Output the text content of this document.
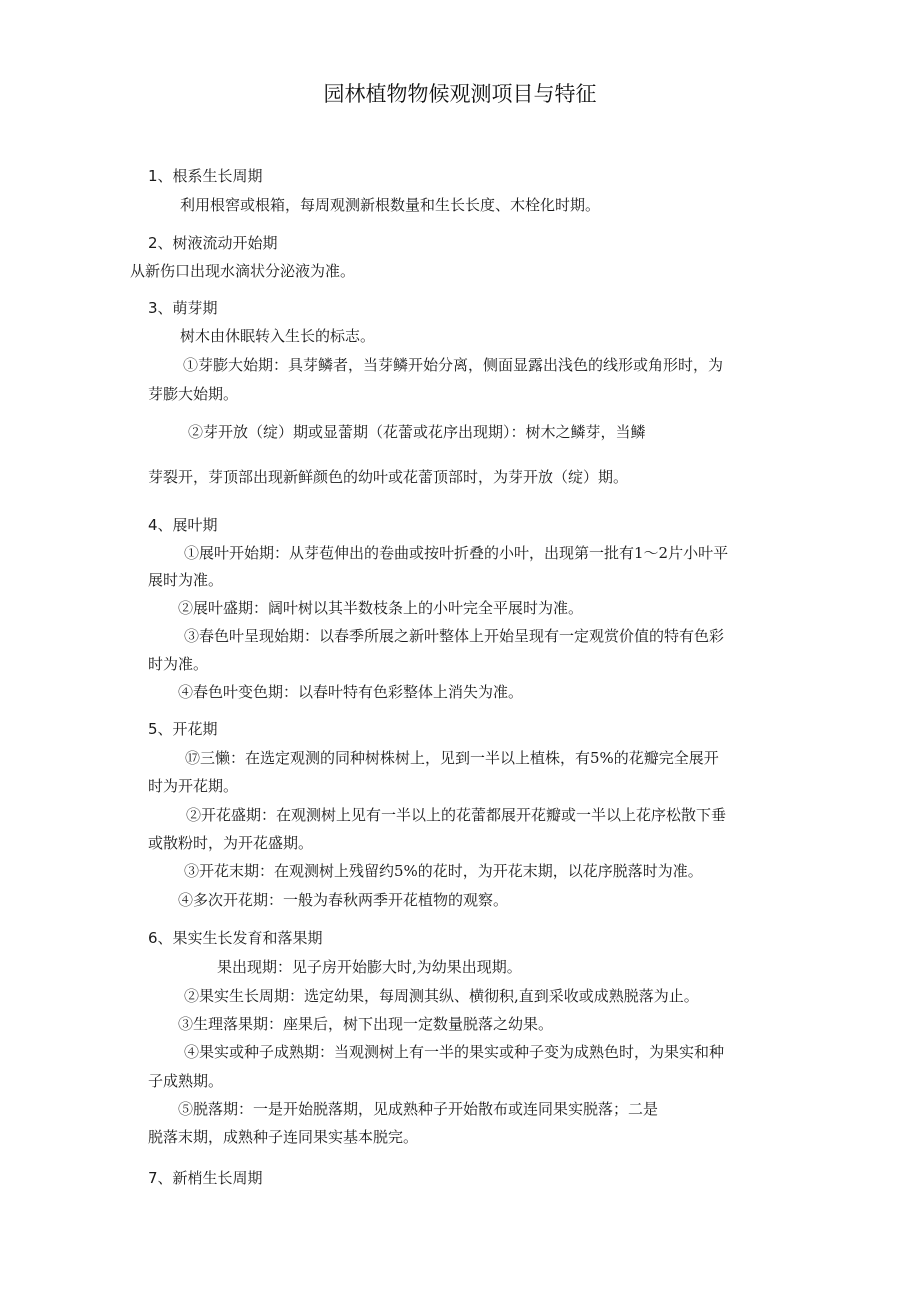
园林植物物候观测项目与特征
1、根系生长周期
利用根窖或根箱，每周观测新根数量和生长长度、木栓化时期。
2、树液流动开始期
从新伤口出现水滴状分泌液为准。
3、萌芽期
树木由休眠转入生长的标志。
①芽膨大始期：具芽鳞者，当芽鳞开始分离，侧面显露出浅色的线形或角形时，为
芽膨大始期。
②芽开放（绽）期或显蕾期（花蕾或花序出现期）：树木之鳞芽，当鳞
芽裂开，芽顶部出现新鲜颜色的幼叶或花蕾顶部时，为芽开放（绽）期。
4、展叶期
①展叶开始期：从芽苞伸出的卷曲或按叶折叠的小叶，出现第一批有1〜2片小叶平
展时为准。
②展叶盛期：阔叶树以其半数枝条上的小叶完全平展时为准。
③春色叶呈现始期：以春季所展之新叶整体上开始呈现有一定观赏价值的特有色彩
时为准。
④春色叶变色期：以春叶特有色彩整体上消失为准。
5、开花期
⑰三懒：在选定观测的同种树株树上，见到一半以上植株，有5%的花瓣完全展开
时为开花期。
②开花盛期：在观测树上见有一半以上的花蕾都展开花瓣或一半以上花序松散下垂
或散粉时，为开花盛期。
③开花末期：在观测树上残留约5%的花时，为开花末期，以花序脱落时为准。
④多次开花期：一般为春秋两季开花植物的观察。
6、果实生长发育和落果期
果出现期：见子房开始膨大时,为幼果出现期。
②果实生长周期：选定幼果，每周测其纵、横彻积,直到采收或成熟脱落为止。
③生理落果期：座果后，树下出现一定数量脱落之幼果。
④果实或种子成熟期：当观测树上有一半的果实或种子变为成熟色时，为果实和种
子成熟期。
⑤脱落期：一是开始脱落期，见成熟种子开始散布或连同果实脱落；二是
脱落末期，成熟种子连同果实基本脱完。
7、新梢生长周期
